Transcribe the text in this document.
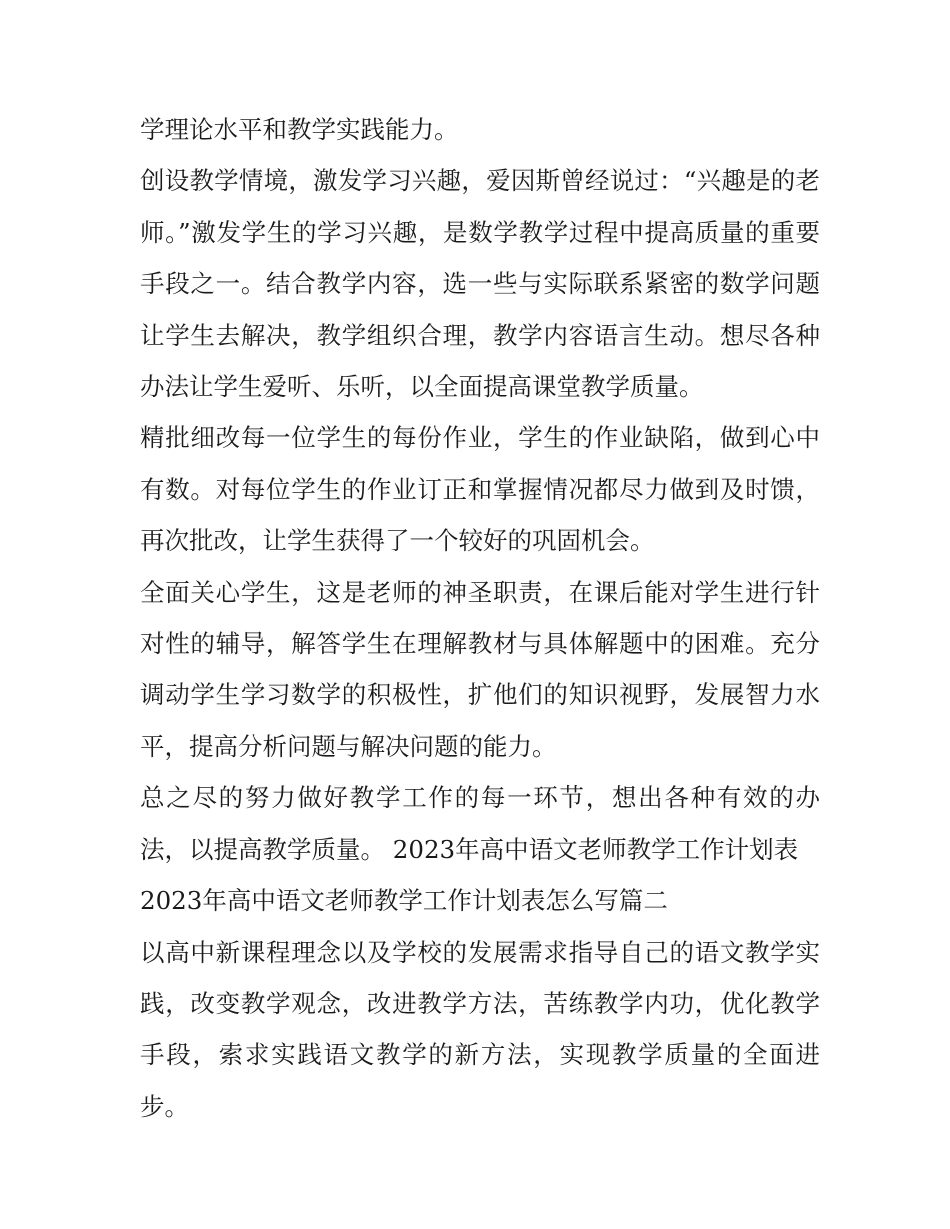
学理论水平和教学实践能力。

创设教学情境，激发学习兴趣，爱因斯曾经说过：“兴趣是的老师。”激发学生的学习兴趣，是数学教学过程中提高质量的重要手段之一。结合教学内容，选一些与实际联系紧密的数学问题让学生去解决，教学组织合理，教学内容语言生动。想尽各种办法让学生爱听、乐听，以全面提高课堂教学质量。

精批细改每一位学生的每份作业，学生的作业缺陷，做到心中有数。对每位学生的作业订正和掌握情况都尽力做到及时馈，再次批改，让学生获得了一个较好的巩固机会。

全面关心学生，这是老师的神圣职责，在课后能对学生进行针对性的辅导，解答学生在理解教材与具体解题中的困难。充分调动学生学习数学的积极性，扩他们的知识视野，发展智力水平，提高分析问题与解决问题的能力。

总之尽的努力做好教学工作的每一环节，想出各种有效的办法，以提高教学质量。 2023年高中语文老师教学工作计划表

2023年高中语文老师教学工作计划表怎么写篇二

以高中新课程理念以及学校的发展需求指导自己的语文教学实践，改变教学观念，改进教学方法，苦练教学内功，优化教学手段，索求实践语文教学的新方法，实现教学质量的全面进步。
